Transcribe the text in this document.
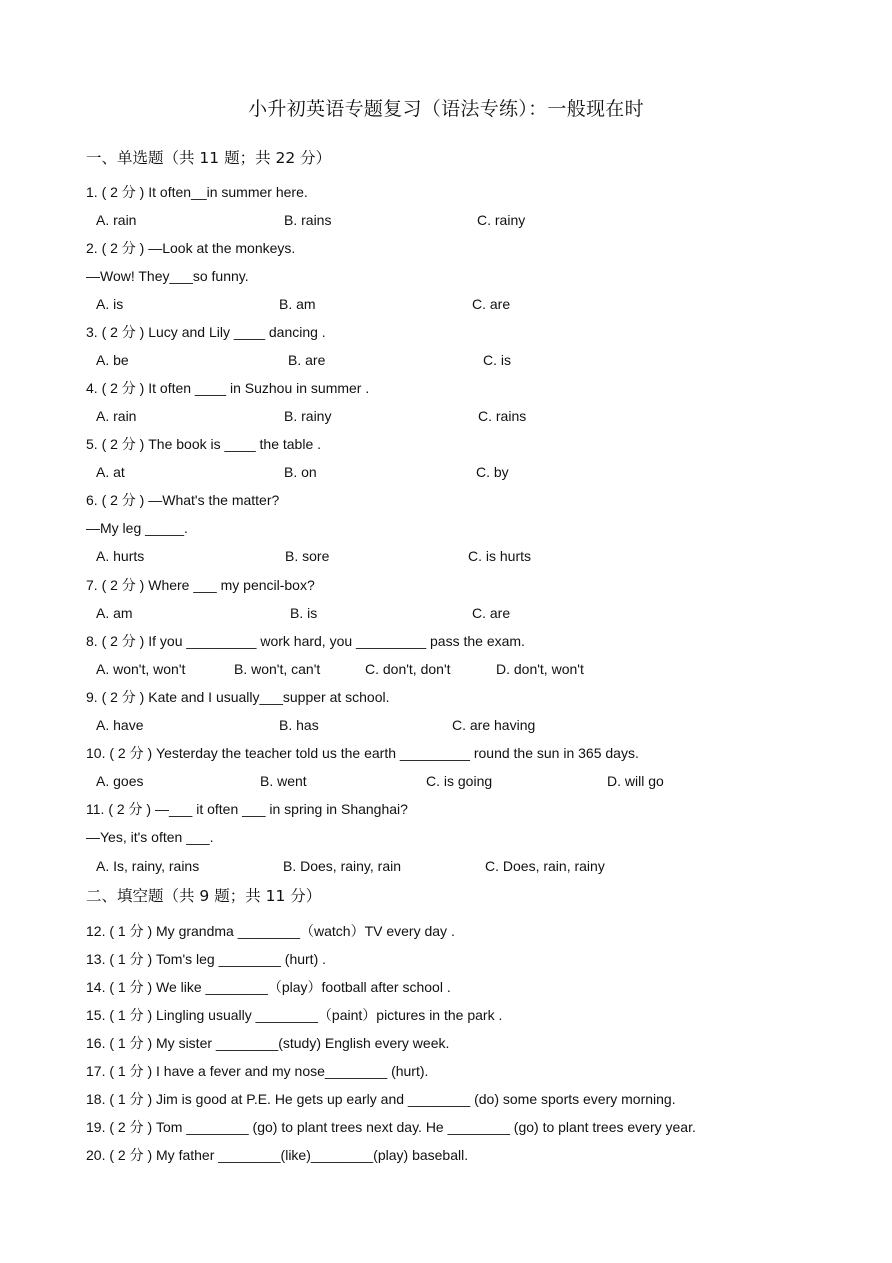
小升初英语专题复习（语法专练）：一般现在时
一、单选题（共 11 题；共 22 分）
1. ( 2 分 ) It often__in summer here.
A. rain	B. rains	C. rainy
2. ( 2 分 ) —Look at the monkeys.
—Wow! They___so funny.
A. is	B. am	C. are
3. ( 2 分 ) Lucy and Lily ____ dancing .
A. be	B. are	C. is
4. ( 2 分 ) It often ____ in Suzhou in summer .
A. rain	B. rainy	C. rains
5. ( 2 分 ) The book is ____ the table .
A. at	B. on	C. by
6. ( 2 分 ) —What's the matter?
—My leg _____.
A. hurts	B. sore	C. is hurts
7. ( 2 分 ) Where ___ my pencil-box?
A. am	B. is	C. are
8. ( 2 分 ) If you _________ work hard, you _________ pass the exam.
A. won't, won't	B. won't, can't	C. don't, don't	D. don't, won't
9. ( 2 分 ) Kate and I usually___supper at school.
A. have	B. has	C. are having
10. ( 2 分 ) Yesterday the teacher told us the earth _________ round the sun in 365 days.
A. goes	B. went	C. is going	D. will go
11. ( 2 分 ) —___ it often ___ in spring in Shanghai?
—Yes, it's often ___.
A. Is, rainy, rains	B. Does, rainy, rain	C. Does, rain, rainy
二、填空题（共 9 题；共 11 分）
12. ( 1 分 ) My grandma ________（watch）TV every day .
13. ( 1 分 ) Tom's leg ________ (hurt) .
14. ( 1 分 ) We like ________（play）football after school .
15. ( 1 分 ) Lingling usually ________（paint）pictures in the park .
16. ( 1 分 ) My sister ________(study) English every week.
17. ( 1 分 ) I have a fever and my nose________ (hurt).
18. ( 1 分 ) Jim is good at P.E. He gets up early and ________ (do) some sports every morning.
19. ( 2 分 ) Tom ________ (go) to plant trees next day. He ________ (go) to plant trees every year.
20. ( 2 分 ) My father ________(like)________(play) baseball.
